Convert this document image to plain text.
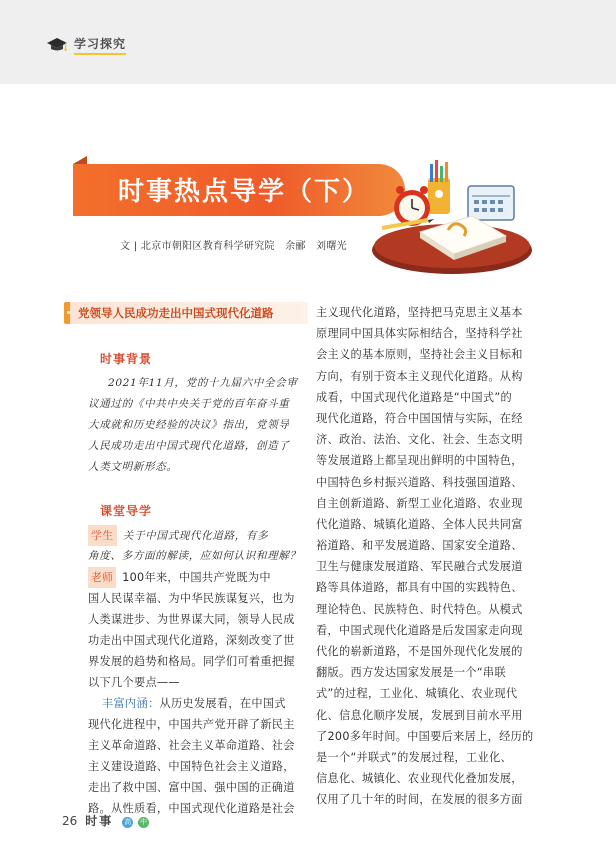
学习探究
时事热点导学（下）
文 | 北京市朝阳区教育科学研究院　余郦　刘曙光
党领导人民成功走出中国式现代化道路
时事背景
2021年11月，党的十九届六中全会审
议通过的《中共中央关于党的百年奋斗重
大成就和历史经验的决议》指出，党领导
人民成功走出中国式现代化道路，创造了
人类文明新形态。
课堂导学
学生 关于中国式现代化道路，有多
角度、多方面的解读，应如何认识和理解？
老师 100年来，中国共产党既为中
国人民谋幸福、为中华民族谋复兴，也为
人类谋进步、为世界谋大同，领导人民成
功走出中国式现代化道路，深刻改变了世
界发展的趋势和格局。同学们可着重把握
以下几个要点——
丰富内涵：从历史发展看，在中国式
现代化进程中，中国共产党开辟了新民主
主义革命道路、社会主义革命道路、社会
主义建设道路、中国特色社会主义道路，
走出了救中国、富中国、强中国的正确道
路。从性质看，中国式现代化道路是社会
主义现代化道路，坚持把马克思主义基本
原理同中国具体实际相结合，坚持科学社
会主义的基本原则，坚持社会主义目标和
方向，有别于资本主义现代化道路。从构
成看，中国式现代化道路是“中国式”的
现代化道路，符合中国国情与实际，在经
济、政治、法治、文化、社会、生态文明
等发展道路上都呈现出鲜明的中国特色，
中国特色乡村振兴道路、科技强国道路、
自主创新道路、新型工业化道路、农业现
代化道路、城镇化道路、全体人民共同富
裕道路、和平发展道路、国家安全道路、
卫生与健康发展道路、军民融合式发展道
路等具体道路，都具有中国的实践特色、
理论特色、民族特色、时代特色。从模式
看，中国式现代化道路是后发国家走向现
代化的崭新道路，不是国外现代化发展的
翻版。西方发达国家发展是一个“串联
式”的过程，工业化、城镇化、农业现代
化、信息化顺序发展，发展到目前水平用
了200多年时间。中国要后来居上，经历的
是一个“并联式”的发展过程，工业化、
信息化、城镇化、农业现代化叠加发展，
仅用了几十年的时间，在发展的很多方面
26 时事	高 中
